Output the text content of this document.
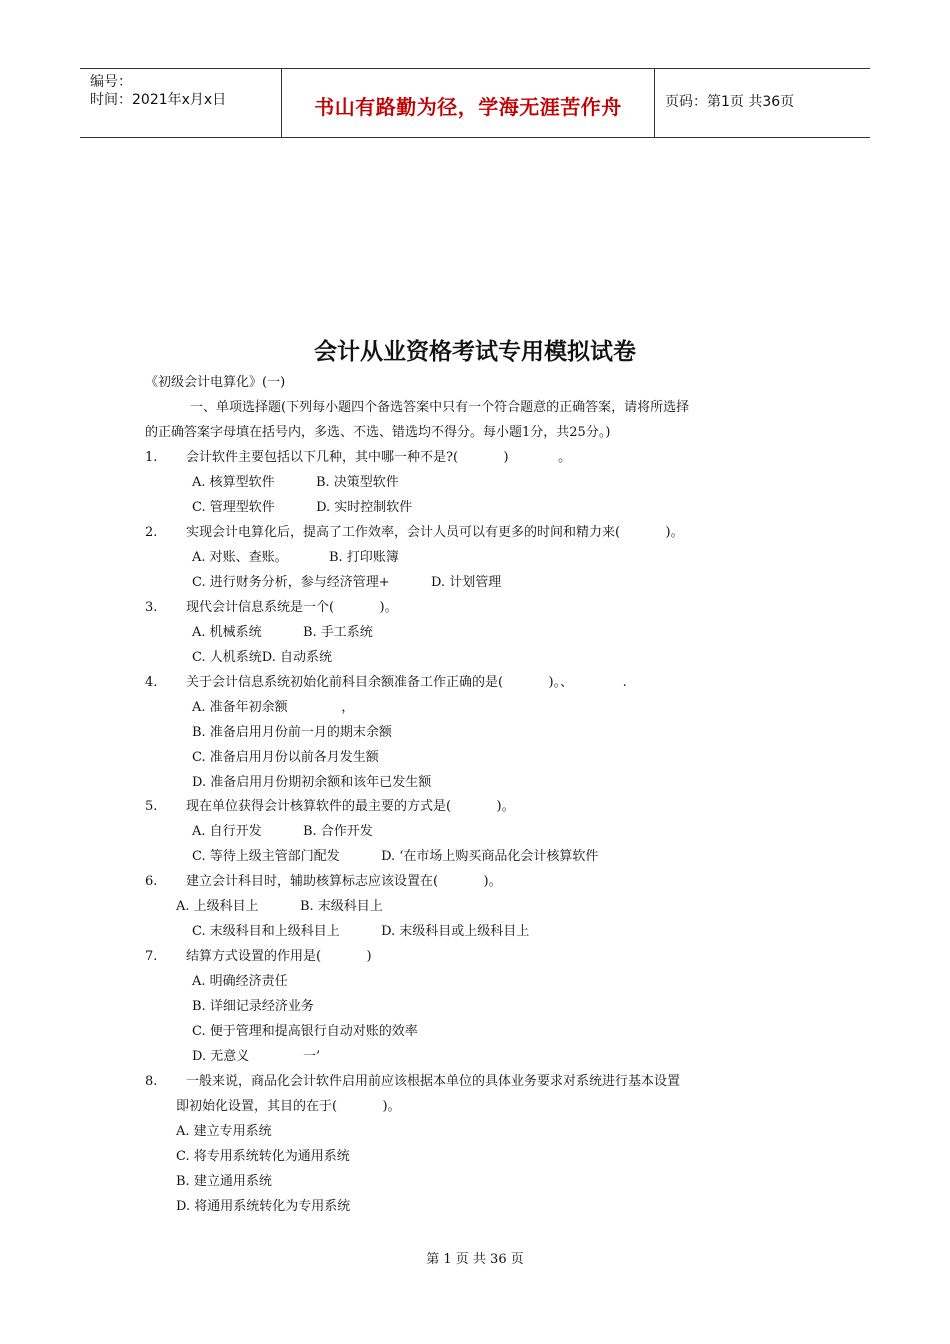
编号：
时间：2021年x月x日	书山有路勤为径，学海无涯苦作舟	页码：第1页 共36页
会计从业资格考试专用模拟试卷
《初级会计电算化》(一)
一、单项选择题(下列每小题四个备选答案中只有一个符合题意的正确答案，请将所选择
的正确答案字母填在括号内，多选、不选、错选均不得分。每小题1分，共25分。)
1. 会计软件主要包括以下几种，其中哪一种不是?(           )            。
A. 核算型软件          B. 决策型软件
C. 管理型软件          D. 实时控制软件
2. 实现会计电算化后，提高了工作效率，会计人员可以有更多的时间和精力来(           )。
A. 对账、查账。          B. 打印账簿
C. 进行财务分析，参与经济管理+          D. 计划管理
3. 现代会计信息系统是一个(           )。
A. 机械系统          B. 手工系统
C. 人机系统D. 自动系统
4. 关于会计信息系统初始化前科目余额准备工作正确的是(           )。、            .
A. 准备年初余额             ，
B. 准备启用月份前一月的期末余额
C. 准备启用月份以前各月发生额
D. 准备启用月份期初余额和该年已发生额
5. 现在单位获得会计核算软件的最主要的方式是(           )。
A. 自行开发          B. 合作开发
C. 等待上级主管部门配发          D. ‘在市场上购买商品化会计核算软件
6. 建立会计科目时，辅助核算标志应该设置在(           )。
A. 上级科目上          B. 末级科目上
C. 末级科目和上级科目上          D. 末级科目或上级科目上
7. 结算方式设置的作用是(           )
A. 明确经济责任
B. 详细记录经济业务
C. 便于管理和提高银行自动对账的效率
D. 无意义             一’
8. 一般来说，商品化会计软件启用前应该根据本单位的具体业务要求对系统进行基本设置
即初始化设置，其目的在于(           )。
A. 建立专用系统
C. 将专用系统转化为通用系统
B. 建立通用系统
D. 将通用系统转化为专用系统
第 1 页 共 36 页
